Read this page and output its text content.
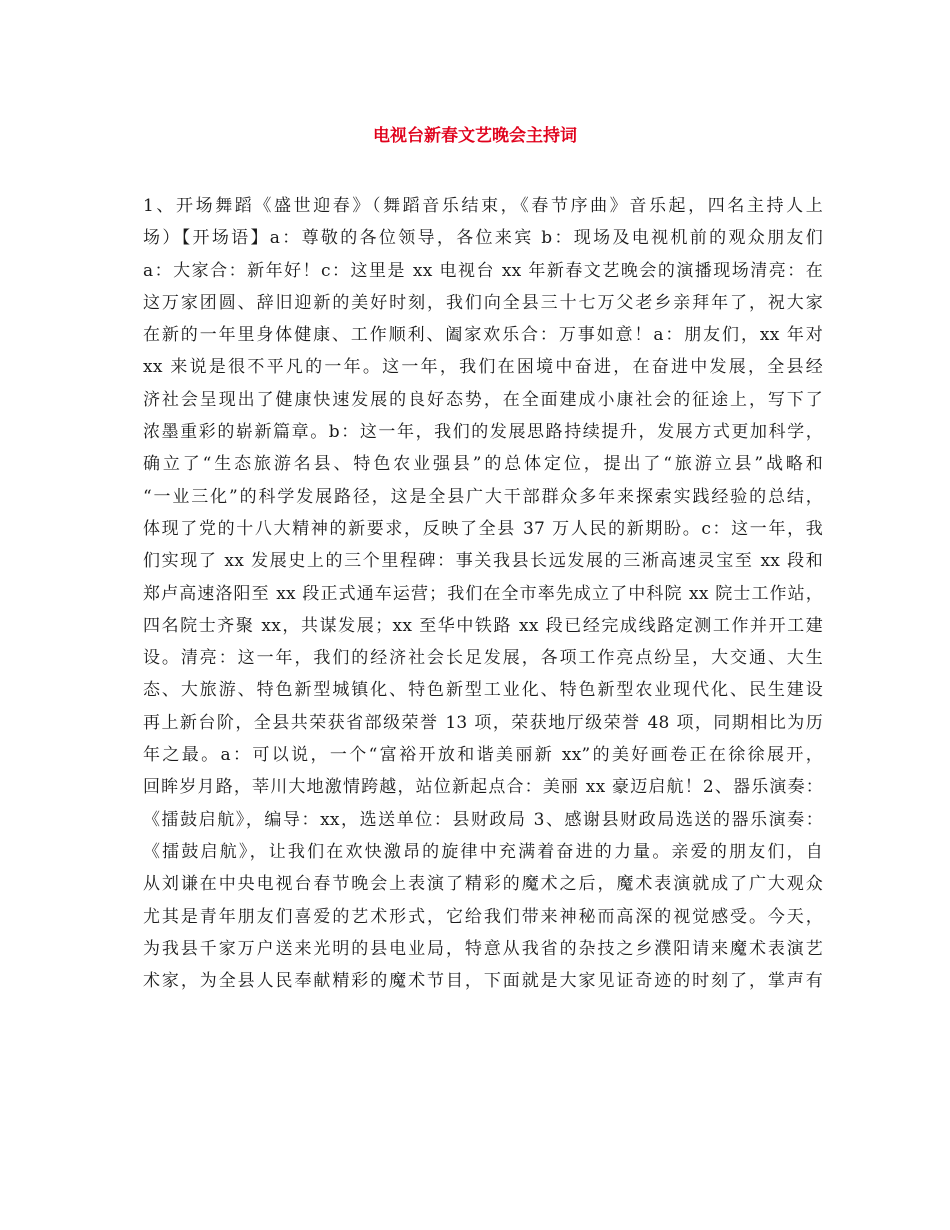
电视台新春文艺晚会主持词
1、开场舞蹈《盛世迎春》（舞蹈音乐结束，《春节序曲》音乐起，四名主持人上
场）【开场语】a：尊敬的各位领导，各位来宾 b：现场及电视机前的观众朋友们
a：大家合：新年好！c：这里是 xx 电视台 xx 年新春文艺晚会的演播现场清亮：在
这万家团圆、辞旧迎新的美好时刻，我们向全县三十七万父老乡亲拜年了，祝大家
在新的一年里身体健康、工作顺利、阖家欢乐合：万事如意！a：朋友们，xx 年对
xx 来说是很不平凡的一年。这一年，我们在困境中奋进，在奋进中发展，全县经
济社会呈现出了健康快速发展的良好态势，在全面建成小康社会的征途上，写下了
浓墨重彩的崭新篇章。b：这一年，我们的发展思路持续提升，发展方式更加科学，
确立了“生态旅游名县、特色农业强县”的总体定位，提出了“旅游立县”战略和
“一业三化”的科学发展路径，这是全县广大干部群众多年来探索实践经验的总结，
体现了党的十八大精神的新要求，反映了全县 37 万人民的新期盼。c：这一年，我
们实现了 xx 发展史上的三个里程碑：事关我县长远发展的三淅高速灵宝至 xx 段和
郑卢高速洛阳至 xx 段正式通车运营；我们在全市率先成立了中科院 xx 院士工作站，
四名院士齐聚 xx，共谋发展；xx 至华中铁路 xx 段已经完成线路定测工作并开工建
设。清亮：这一年，我们的经济社会长足发展，各项工作亮点纷呈，大交通、大生
态、大旅游、特色新型城镇化、特色新型工业化、特色新型农业现代化、民生建设
再上新台阶，全县共荣获省部级荣誉 13 项，荣获地厅级荣誉 48 项，同期相比为历
年之最。a：可以说，一个“富裕开放和谐美丽新 xx”的美好画卷正在徐徐展开，
回眸岁月路，莘川大地激情跨越，站位新起点合：美丽 xx 豪迈启航！2、器乐演奏：
《擂鼓启航》，编导：xx，选送单位：县财政局 3、感谢县财政局选送的器乐演奏：
《擂鼓启航》，让我们在欢快激昂的旋律中充满着奋进的力量。亲爱的朋友们，自
从刘谦在中央电视台春节晚会上表演了精彩的魔术之后，魔术表演就成了广大观众
尤其是青年朋友们喜爱的艺术形式，它给我们带来神秘而高深的视觉感受。今天，
为我县千家万户送来光明的县电业局，特意从我省的杂技之乡濮阳请来魔术表演艺
术家，为全县人民奉献精彩的魔术节目，下面就是大家见证奇迹的时刻了，掌声有
